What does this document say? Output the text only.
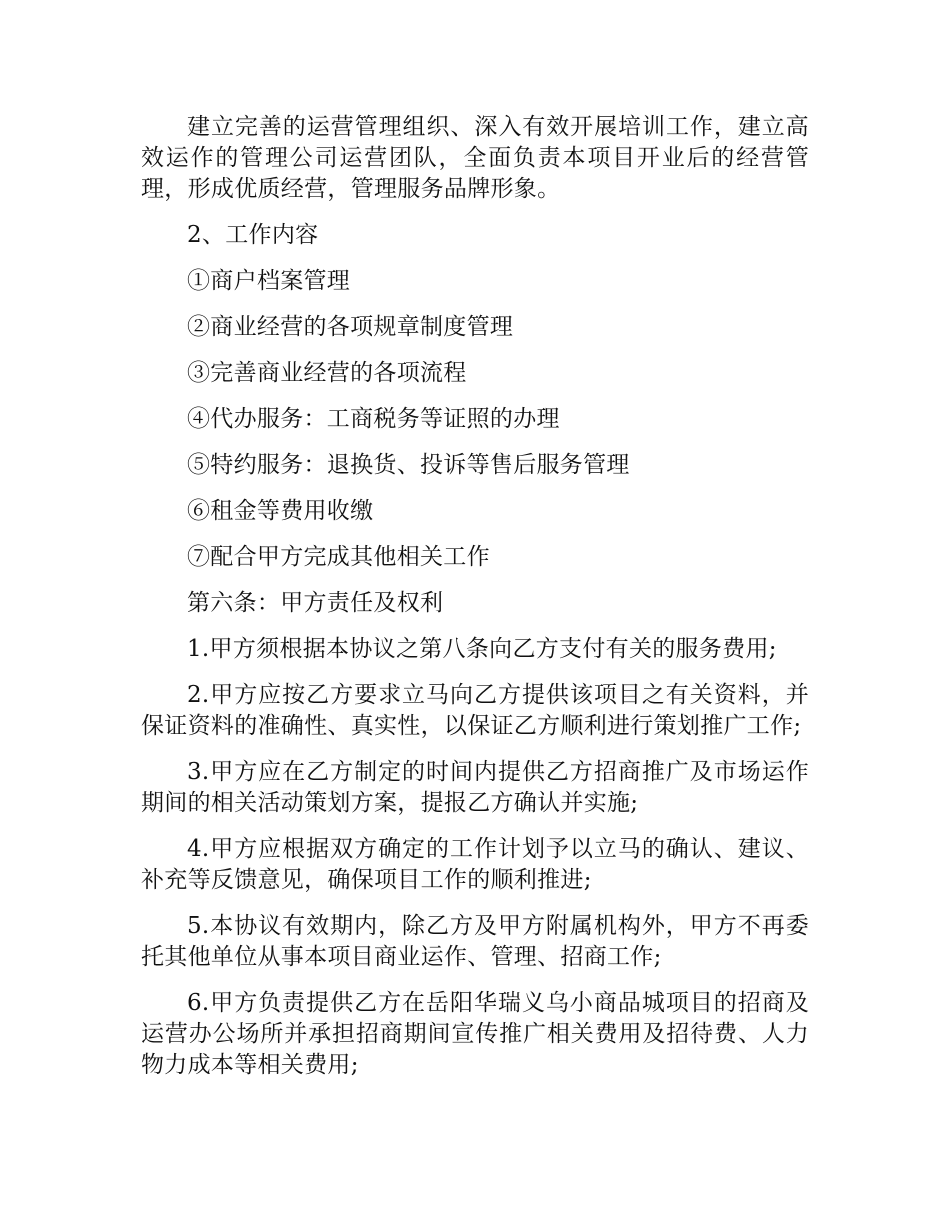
建立完善的运营管理组织、深入有效开展培训工作，建立高效运作的管理公司运营团队，全面负责本项目开业后的经营管理，形成优质经营，管理服务品牌形象。

2、工作内容

①商户档案管理

②商业经营的各项规章制度管理

③完善商业经营的各项流程

④代办服务：工商税务等证照的办理

⑤特约服务：退换货、投诉等售后服务管理

⑥租金等费用收缴

⑦配合甲方完成其他相关工作

第六条：甲方责任及权利

1.甲方须根据本协议之第八条向乙方支付有关的服务费用;

2.甲方应按乙方要求立马向乙方提供该项目之有关资料，并保证资料的准确性、真实性，以保证乙方顺利进行策划推广工作;

3.甲方应在乙方制定的时间内提供乙方招商推广及市场运作期间的相关活动策划方案，提报乙方确认并实施;

4.甲方应根据双方确定的工作计划予以立马的确认、建议、补充等反馈意见，确保项目工作的顺利推进;

5.本协议有效期内，除乙方及甲方附属机构外，甲方不再委托其他单位从事本项目商业运作、管理、招商工作;

6.甲方负责提供乙方在岳阳华瑞义乌小商品城项目的招商及运营办公场所并承担招商期间宣传推广相关费用及招待费、人力物力成本等相关费用;
